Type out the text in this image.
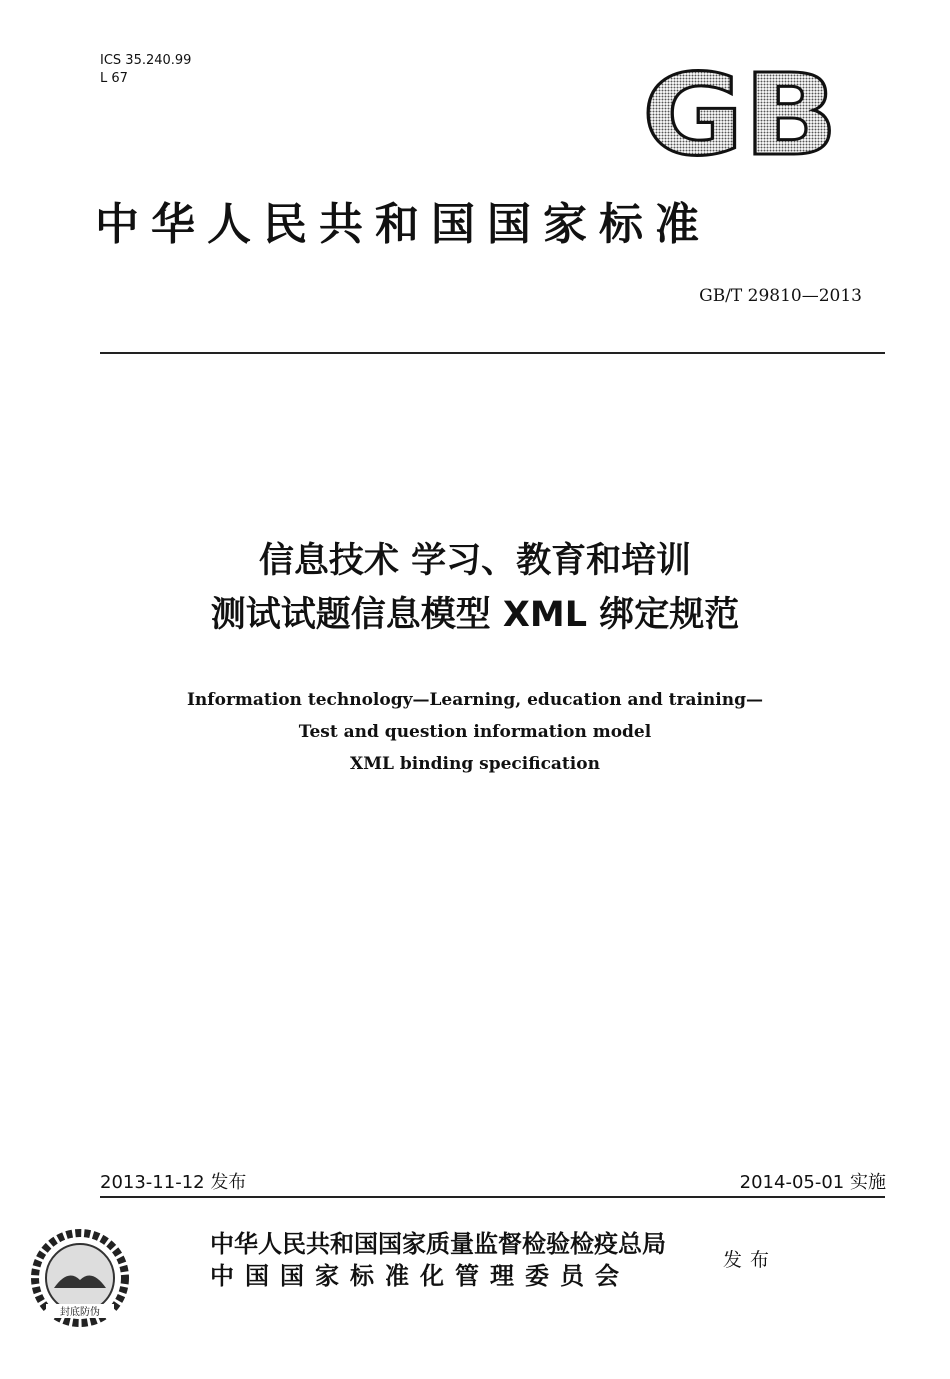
ICS 35.240.99
L 67	GB
中华人民共和国国家标准
GB/T 29810—2013
信息技术 学习、教育和培训
测试试题信息模型 XML 绑定规范
Information technology—Learning, education and training—
Test and question information model
XML binding specification
2013-11-12 发布	2014-05-01 实施
封底防伪
中华人民共和国国家质量监督检验检疫总局
中国国家标准化管理委员会
发布
